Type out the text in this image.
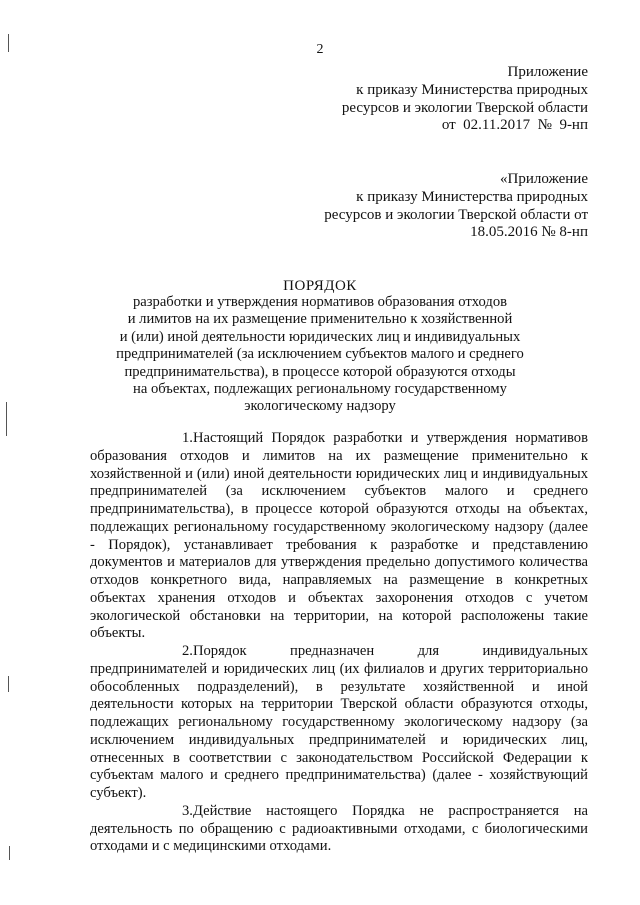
2
Приложение
к приказу Министерства природных
ресурсов и экологии Тверской области
от  02.11.2017  №  9-нп
«Приложение
к приказу Министерства природных
ресурсов и экологии Тверской области от
18.05.2016 № 8-нп
ПОРЯДОК
разработки и утверждения нормативов образования отходов
и лимитов на их размещение применительно к хозяйственной
и (или) иной деятельности юридических лиц и индивидуальных
предпринимателей (за исключением субъектов малого и среднего
предпринимательства), в процессе которой образуются отходы
на объектах, подлежащих региональному государственному
экологическому надзору

1.Настоящий Порядок разработки и утверждения нормативов образования отходов и лимитов на их размещение применительно к хозяйственной и (или) иной деятельности юридических лиц и индивидуальных предпринимателей (за исключением субъектов малого и среднего предпринимательства), в процессе которой образуются отходы на объектах, подлежащих региональному государственному экологическому надзору (далее - Порядок), устанавливает требования к разработке и представлению документов и материалов для утверждения предельно допустимого количества отходов конкретного вида, направляемых на размещение в конкретных объектах хранения отходов и объектах захоронения отходов с учетом экологической обстановки на территории, на которой расположены такие объекты.

2.Порядок предназначен для индивидуальных предпринимателей и юридических лиц (их филиалов и других территориально обособленных подразделений), в результате хозяйственной и иной деятельности которых на территории Тверской области образуются отходы, подлежащих региональному государственному экологическому надзору (за исключением индивидуальных предпринимателей и юридических лиц, отнесенных в соответствии с законодательством Российской Федерации к субъектам малого и среднего предпринимательства) (далее - хозяйствующий субъект).

3.Действие настоящего Порядка не распространяется на деятельность по обращению с радиоактивными отходами, с биологическими отходами и с медицинскими отходами.
